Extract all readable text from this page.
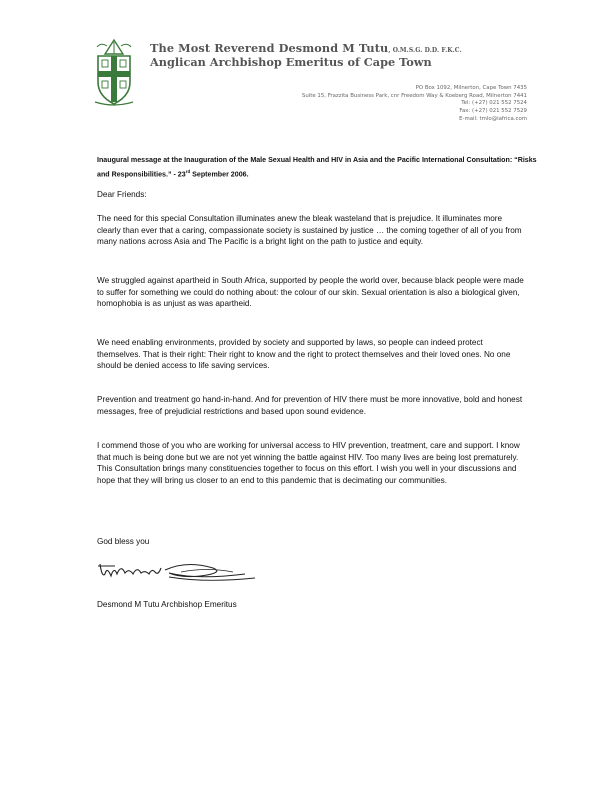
The Most Reverend Desmond M Tutu, O.M.S.G. D.D. F.K.C.
Anglican Archbishop Emeritus of Cape Town
PO Box 1092, Milnerton, Cape Town 7435
Suite 15, Frazzita Business Park, cnr Freedom Way & Koeberg Road, Milnerton 7441
Tel: (+27) 021 552 7524
Fax: (+27) 021 552 7529
E-mail: tmlo@iafrica.com
Inaugural message at the Inauguration of the Male Sexual Health and HIV in Asia and the Pacific International Consultation: “Risks and Responsibilities.” - 23rd September 2006.

Dear Friends:

The need for this special Consultation illuminates anew the bleak wasteland that is prejudice. It illuminates more clearly than ever that a caring, compassionate society is sustained by justice … the coming together of all of you from many nations across Asia and The Pacific is a bright light on the path to justice and equity.

We struggled against apartheid in South Africa, supported by people the world over, because black people were made to suffer for something we could do nothing about: the colour of our skin. Sexual orientation is also a biological given, homophobia is as unjust as was apartheid.

We need enabling environments, provided by society and supported by laws, so people can indeed protect themselves. That is their right: Their right to know and the right to protect themselves and their loved ones. No one should be denied access to life saving services.

Prevention and treatment go hand-in-hand. And for prevention of HIV there must be more innovative, bold and honest messages, free of prejudicial restrictions and based upon sound evidence.

I commend those of you who are working for universal access to HIV prevention, treatment, care and support. I know that much is being done but we are not yet winning the battle against HIV. Too many lives are being lost prematurely. This Consultation brings many constituencies together to focus on this effort. I wish you well in your discussions and hope that they will bring us closer to an end to this pandemic that is decimating our communities.

God bless you

Desmond M Tutu Archbishop Emeritus
